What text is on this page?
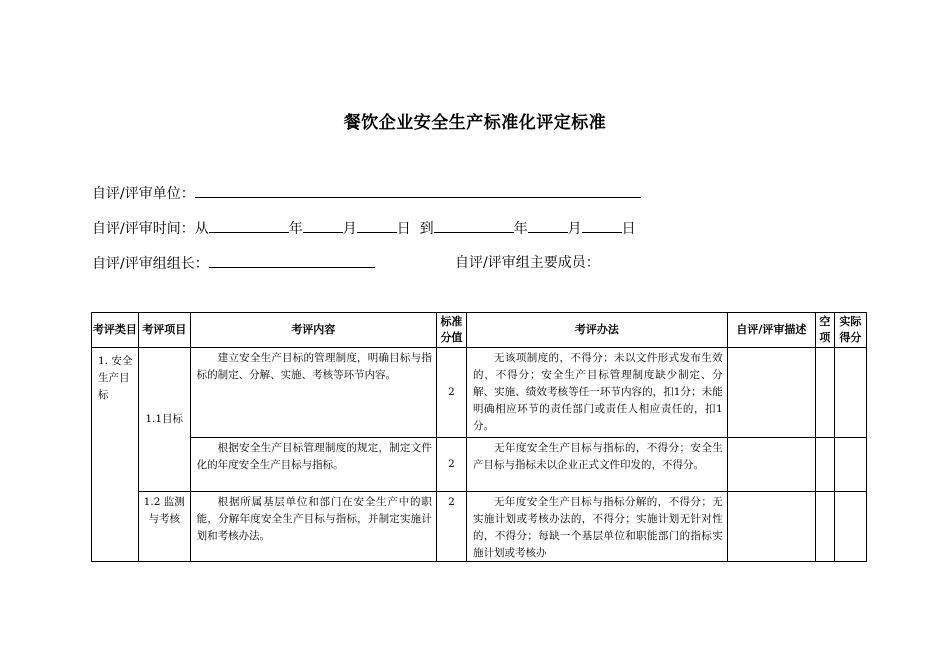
餐饮企业安全生产标准化评定标准
自评/评审单位：
自评/评审时间：从	年	月	日 到	年	月	日
自评/评审组组长：	自评/评审组主要成员：
考评类目	考评项目	考评内容	标准分值	考评办法	自评/评审描述	空项	实际得分
1. 安全生产目标	1.1目标	建立安全生产目标的管理制度，明确目标与指标的制定、分解、实施、考核等环节内容。	2	无该项制度的，不得分；未以文件形式发布生效的，不得分；安全生产目标管理制度缺少制定、分解、实施、绩效考核等任一环节内容的，扣1分；未能明确相应环节的责任部门或责任人相应责任的，扣1分。			
		根据安全生产目标管理制度的规定，制定文件化的年度安全生产目标与指标。	2	无年度安全生产目标与指标的，不得分；安全生产目标与指标未以企业正式文件印发的，不得分。			
	1.2 监测与考核	根据所属基层单位和部门在安全生产中的职能，分解年度安全生产目标与指标，并制定实施计划和考核办法。	2	无年度安全生产目标与指标分解的，不得分；无实施计划或考核办法的，不得分；实施计划无针对性的，不得分；每缺一个基层单位和职能部门的指标实施计划或考核办			
